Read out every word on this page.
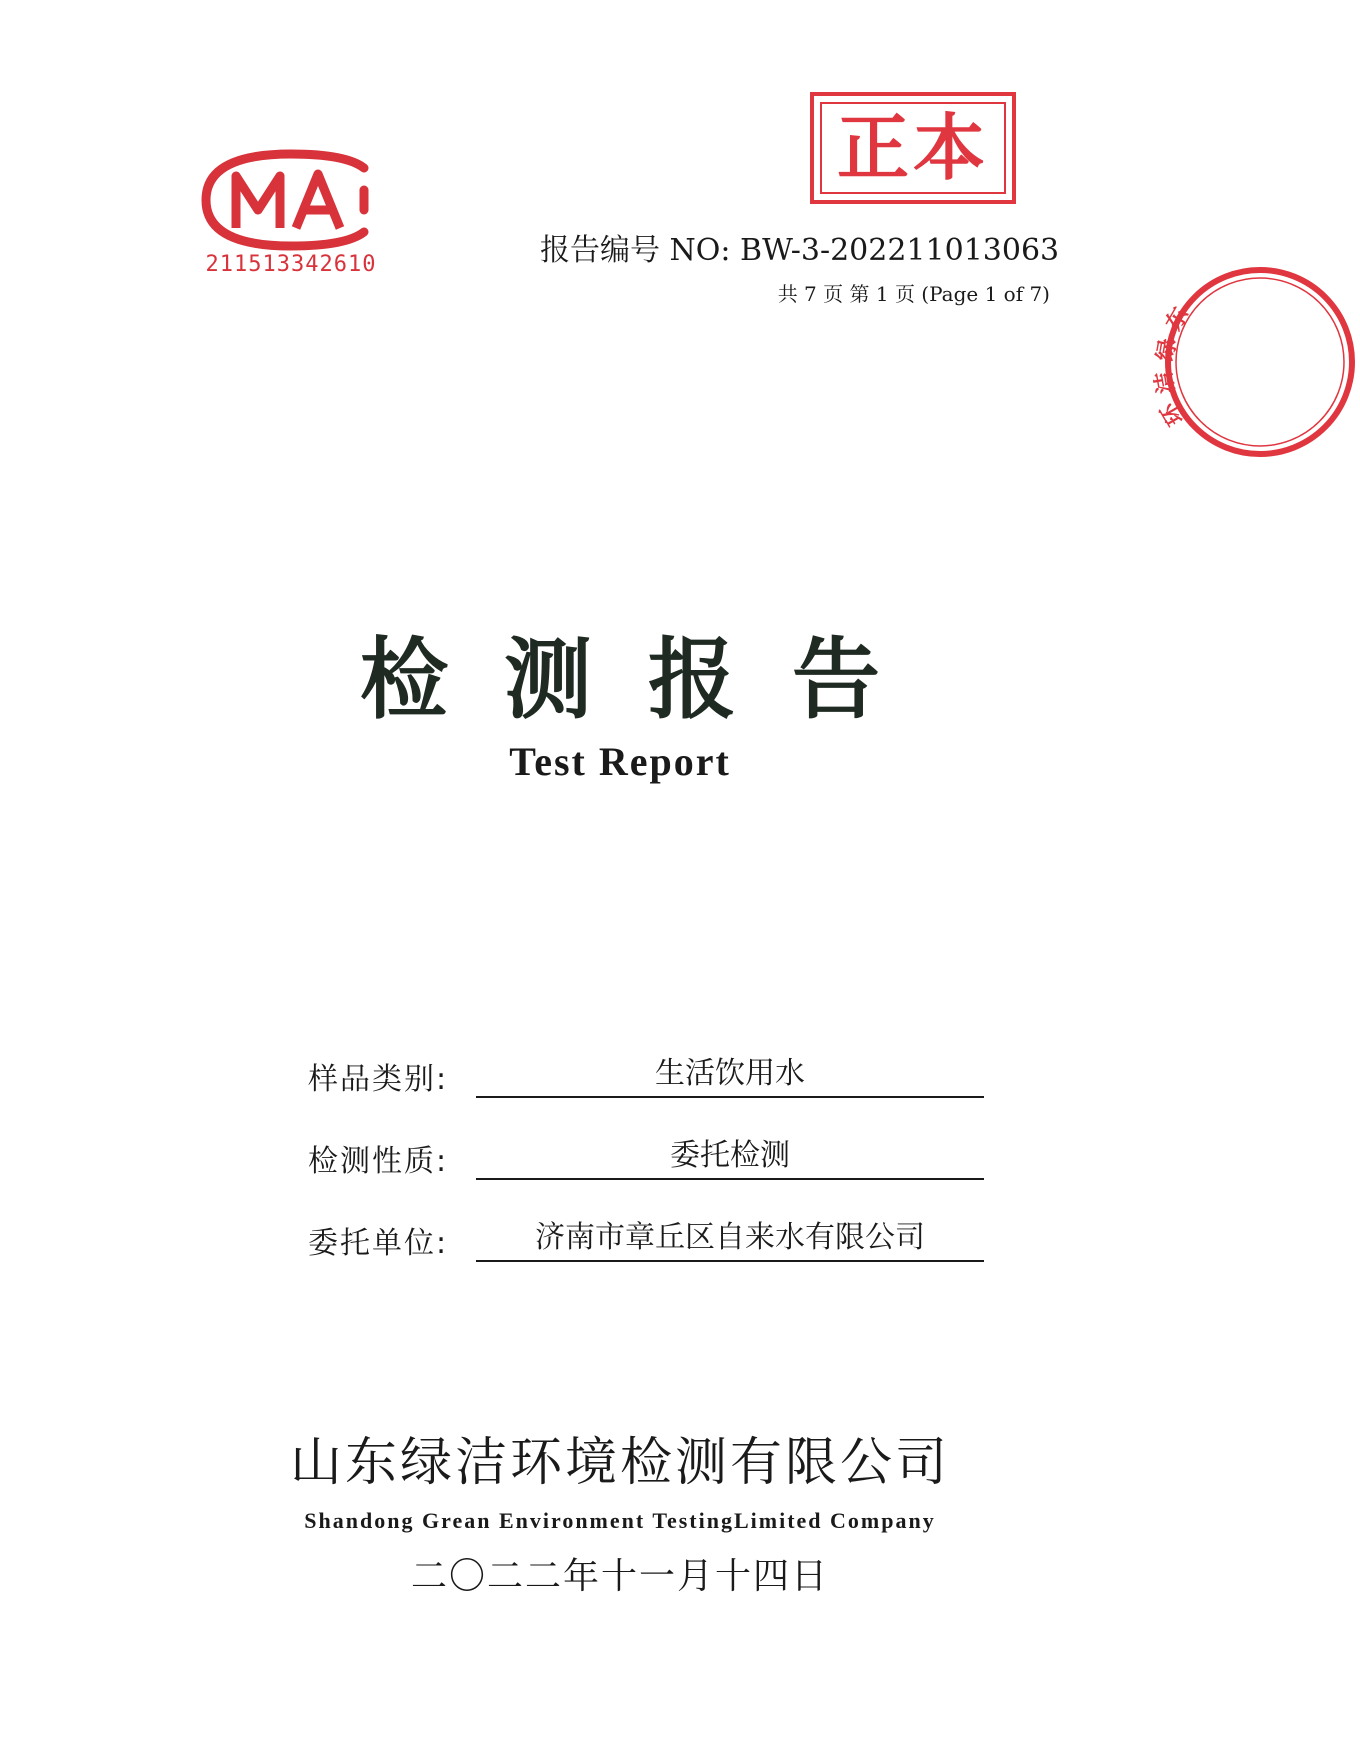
211513342610
正本
报告编号 NO: BW-3-202211013063
共 7 页 第 1 页 (Page 1 of 7)
东
绿
洁
环
检测报告
Test Report
样品类别:	生活饮用水
检测性质:	委托检测
委托单位:	济南市章丘区自来水有限公司
山东绿洁环境检测有限公司
Shandong Grean Environment TestingLimited Company
二〇二二年十一月十四日
